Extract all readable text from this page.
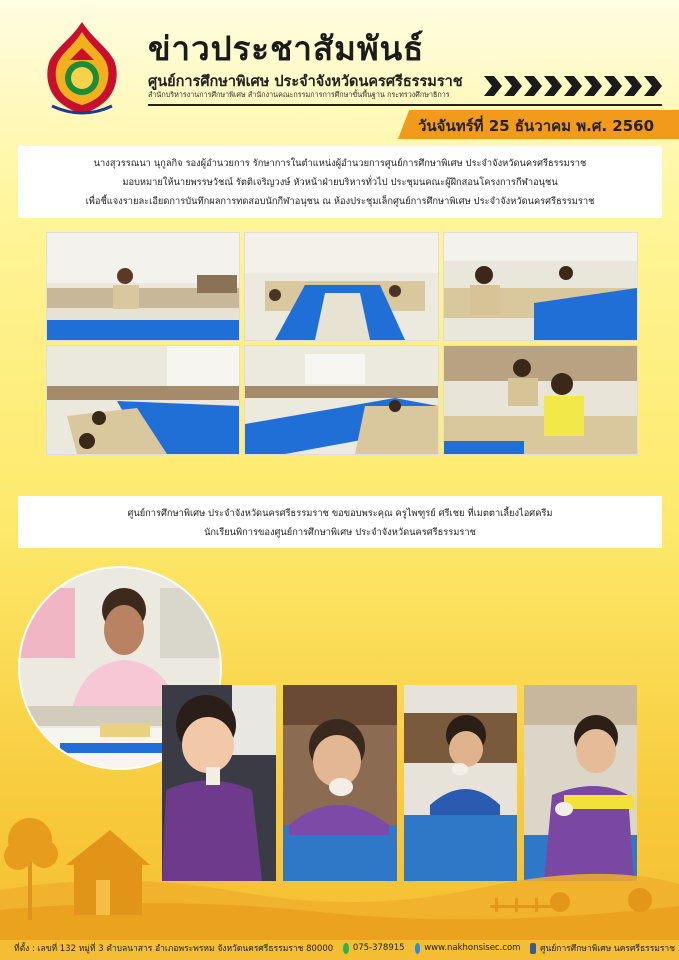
ข่าวประชาสัมพันธ์
ศูนย์การศึกษาพิเศษ ประจำจังหวัดนครศรีธรรมราช
สำนักบริหารงานการศึกษาพิเศษ สำนักงานคณะกรรมการการศึกษาขั้นพื้นฐาน กระทรวงศึกษาธิการ
วันจันทร์ที่ 25 ธันวาคม พ.ศ. 2560

นางสุวรรณนา นุกูลกิจ รองผู้อำนวยการ รักษาการในตำแหน่งผู้อำนวยการศูนย์การศึกษาพิเศษ ประจำจังหวัดนครศรีธรรมราช

มอบหมายให้นายพรรษวัชณ์ รัตติเจริญวงษ์ หัวหน้าฝ่ายบริหารทั่วไป ประชุมนคณะผู้ฝึกสอนโครงการกีฬาอนุชน

เพื่อชี้แจงรายละเอียดการบันทึกผลการทดสอบนักกีฬาอนุชน ณ ห้องประชุมเล็กศูนย์การศึกษาพิเศษ ประจำจังหวัดนครศรีธรรมราช

ศูนย์การศึกษาพิเศษ ประจำจังหวัดนครศรีธรรมราช ขอขอบพระคุณ ครูไพฑูรย์ ศรีเชย ที่เมตตาเลี้ยงไอศครีม

นักเรียนพิการของศูนย์การศึกษาพิเศษ ประจำจังหวัดนครศรีธรรมราช

ที่ตั้ง : เลขที่ 132 หมู่ที่ 3 ตำบลนาสาร อำเภอพระพรหม จังหวัดนครศรีธรรมราช 80000 075-378915 www.nakhonsisec.com ศูนย์การศึกษาพิเศษ นครศรีธรรมราช
